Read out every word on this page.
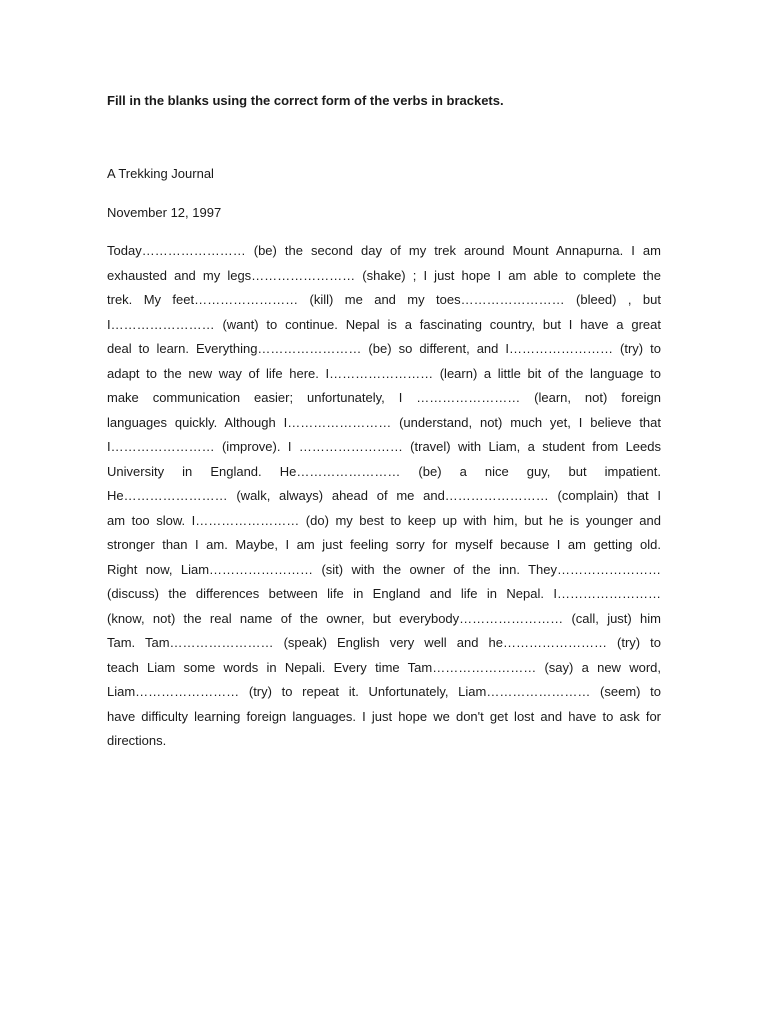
Fill in the blanks using the correct form of the verbs in brackets.
A Trekking Journal
November 12, 1997
Today…………………… (be) the second day of my trek around Mount Annapurna. I am
exhausted and my legs…………………… (shake) ; I just hope I am able to complete the
trek. My feet…………………… (kill) me and my toes…………………… (bleed) , but
I…………………… (want) to continue. Nepal is a fascinating country, but I have a great
deal to learn. Everything…………………… (be) so different, and I…………………… (try) to
adapt to the new way of life here. I…………………… (learn) a little bit of the language to
make communication easier; unfortunately, I …………………… (learn, not) foreign
languages quickly. Although I…………………… (understand, not) much yet, I believe that
I…………………… (improve). I …………………… (travel) with Liam, a student from Leeds
University in England. He…………………… (be) a nice guy, but impatient.
He…………………… (walk, always) ahead of me and…………………… (complain) that I
am too slow. I…………………… (do) my best to keep up with him, but he is younger and
stronger than I am. Maybe, I am just feeling sorry for myself because I am getting old.
Right now, Liam…………………… (sit) with the owner of the inn. They……………………
(discuss) the differences between life in England and life in Nepal. I……………………
(know, not) the real name of the owner, but everybody…………………… (call, just) him
Tam. Tam…………………… (speak) English very well and he…………………… (try) to
teach Liam some words in Nepali. Every time Tam…………………… (say) a new word,
Liam…………………… (try) to repeat it. Unfortunately, Liam…………………… (seem) to
have difficulty learning foreign languages. I just hope we don't get lost and have to ask for
directions.
